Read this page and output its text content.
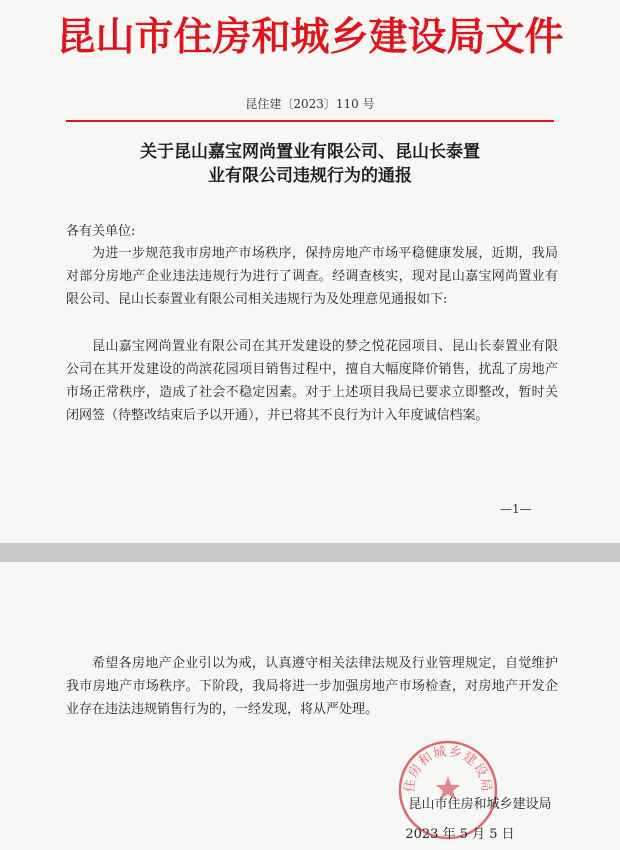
昆山市住房和城乡建设局文件
昆住建〔2023〕110 号
关于昆山嘉宝网尚置业有限公司、昆山长泰置
业有限公司违规行为的通报
各有关单位:
为进一步规范我市房地产市场秩序，保持房地产市场平稳健康发展，近期，我局对部分房地产企业违法违规行为进行了调查。经调查核实，现对昆山嘉宝网尚置业有限公司、昆山长泰置业有限公司相关违规行为及处理意见通报如下:
昆山嘉宝网尚置业有限公司在其开发建设的梦之悦花园项目、昆山长泰置业有限公司在其开发建设的尚滨花园项目销售过程中，擅自大幅度降价销售，扰乱了房地产市场正常秩序，造成了社会不稳定因素。对于上述项目我局已要求立即整改，暂时关闭网签（待整改结束后予以开通），并已将其不良行为计入年度诚信档案。
—1—
希望各房地产企业引以为戒，认真遵守相关法律法规及行业管理规定，自觉维护我市房地产市场秩序。下阶段，我局将进一步加强房地产市场检查，对房地产开发企业存在违法违规销售行为的，一经发现，将从严处理。
住房和城乡建设局
昆山市住房和城乡建设局
2023 年 5 月 5 日
